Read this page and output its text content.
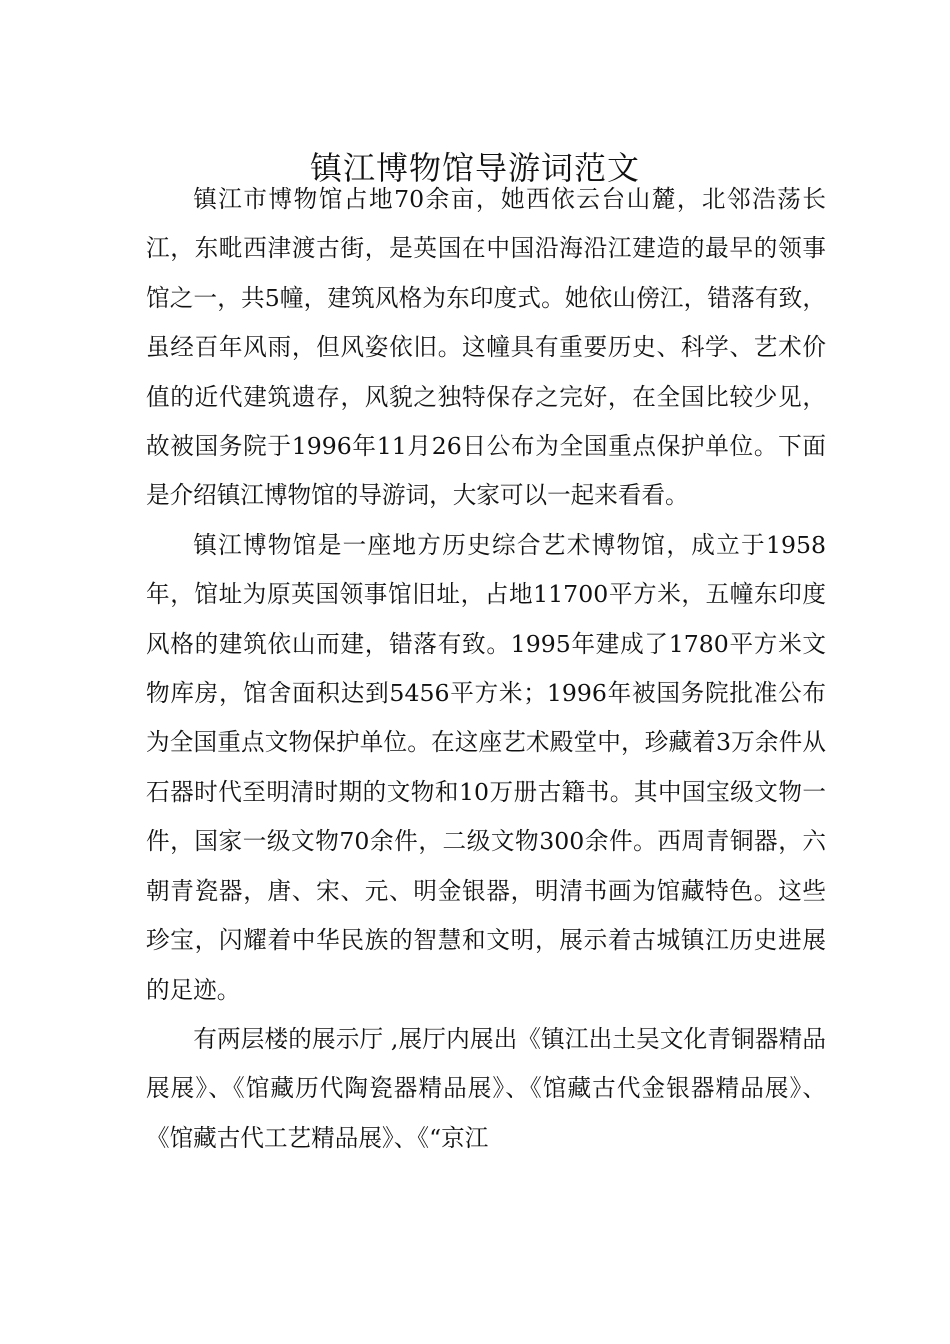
镇江博物馆导游词范文

镇江市博物馆占地70余亩，她西依云台山麓，北邻浩荡长江，东毗西津渡古街，是英国在中国沿海沿江建造的最早的领事馆之一，共5幢，建筑风格为东印度式。她依山傍江，错落有致，虽经百年风雨，但风姿依旧。这幢具有重要历史、科学、艺术价值的近代建筑遗存，风貌之独特保存之完好，在全国比较少见，故被国务院于1996年11月26日公布为全国重点保护单位。下面是介绍镇江博物馆的导游词，大家可以一起来看看。

镇江博物馆是一座地方历史综合艺术博物馆，成立于1958年，馆址为原英国领事馆旧址，占地11700平方米，五幢东印度风格的建筑依山而建，错落有致。1995年建成了1780平方米文物库房，馆舍面积达到5456平方米；1996年被国务院批准公布为全国重点文物保护单位。在这座艺术殿堂中，珍藏着3万余件从石器时代至明清时期的文物和10万册古籍书。其中国宝级文物一件，国家一级文物70余件，二级文物300余件。西周青铜器，六朝青瓷器，唐、宋、元、明金银器，明清书画为馆藏特色。这些珍宝，闪耀着中华民族的智慧和文明，展示着古城镇江历史进展的足迹。

有两层楼的展示厅 ,展厅内展出《镇江出土吴文化青铜器精品展展》、《馆藏历代陶瓷器精品展》、《馆藏古代金银器精品展》、《馆藏古代工艺精品展》、《“京江
